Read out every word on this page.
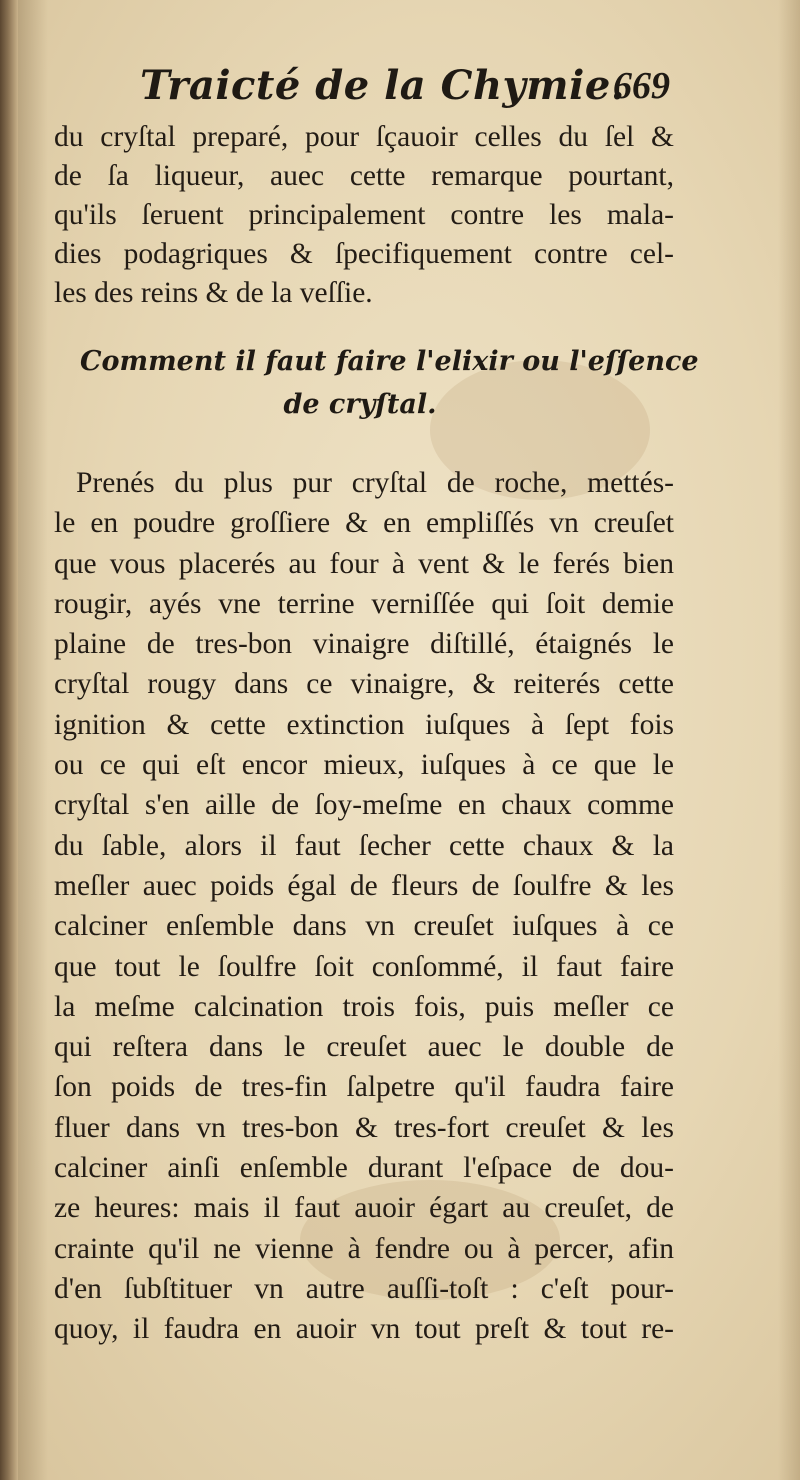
Traicté de la Chymie.
669
du cryſtal preparé, pour ſçauoir celles du ſel &
de ſa liqueur, auec cette remarque pourtant,
qu'ils ſeruent principalement contre les mala-
dies podagriques & ſpecifiquement contre cel-
les des reins & de la veſſie.
Comment il faut faire l'elixir ou l'eſſence
de cryſtal.
Prenés du plus pur cryſtal de roche, mettés-
le en poudre groſſiere & en empliſſés vn creuſet
que vous placerés au four à vent & le ferés bien
rougir, ayés vne terrine verniſſée qui ſoit demie
plaine de tres-bon vinaigre diſtillé, étaignés le
cryſtal rougy dans ce vinaigre, & reiterés cette
ignition & cette extinction iuſques à ſept fois
ou ce qui eſt encor mieux, iuſques à ce que le
cryſtal s'en aille de ſoy-meſme en chaux comme
du ſable, alors il faut ſecher cette chaux & la
meſler auec poids égal de fleurs de ſoulfre & les
calciner enſemble dans vn creuſet iuſques à ce
que tout le ſoulfre ſoit conſommé, il faut faire
la meſme calcination trois fois, puis meſler ce
qui reſtera dans le creuſet auec le double de
ſon poids de tres-fin ſalpetre qu'il faudra faire
fluer dans vn tres-bon & tres-fort creuſet & les
calciner ainſi enſemble durant l'eſpace de dou-
ze heures: mais il faut auoir égart au creuſet, de
crainte qu'il ne vienne à fendre ou à percer, afin
d'en ſubſtituer vn autre auſſi-toſt : c'eſt pour-
quoy, il faudra en auoir vn tout preſt & tout re-
